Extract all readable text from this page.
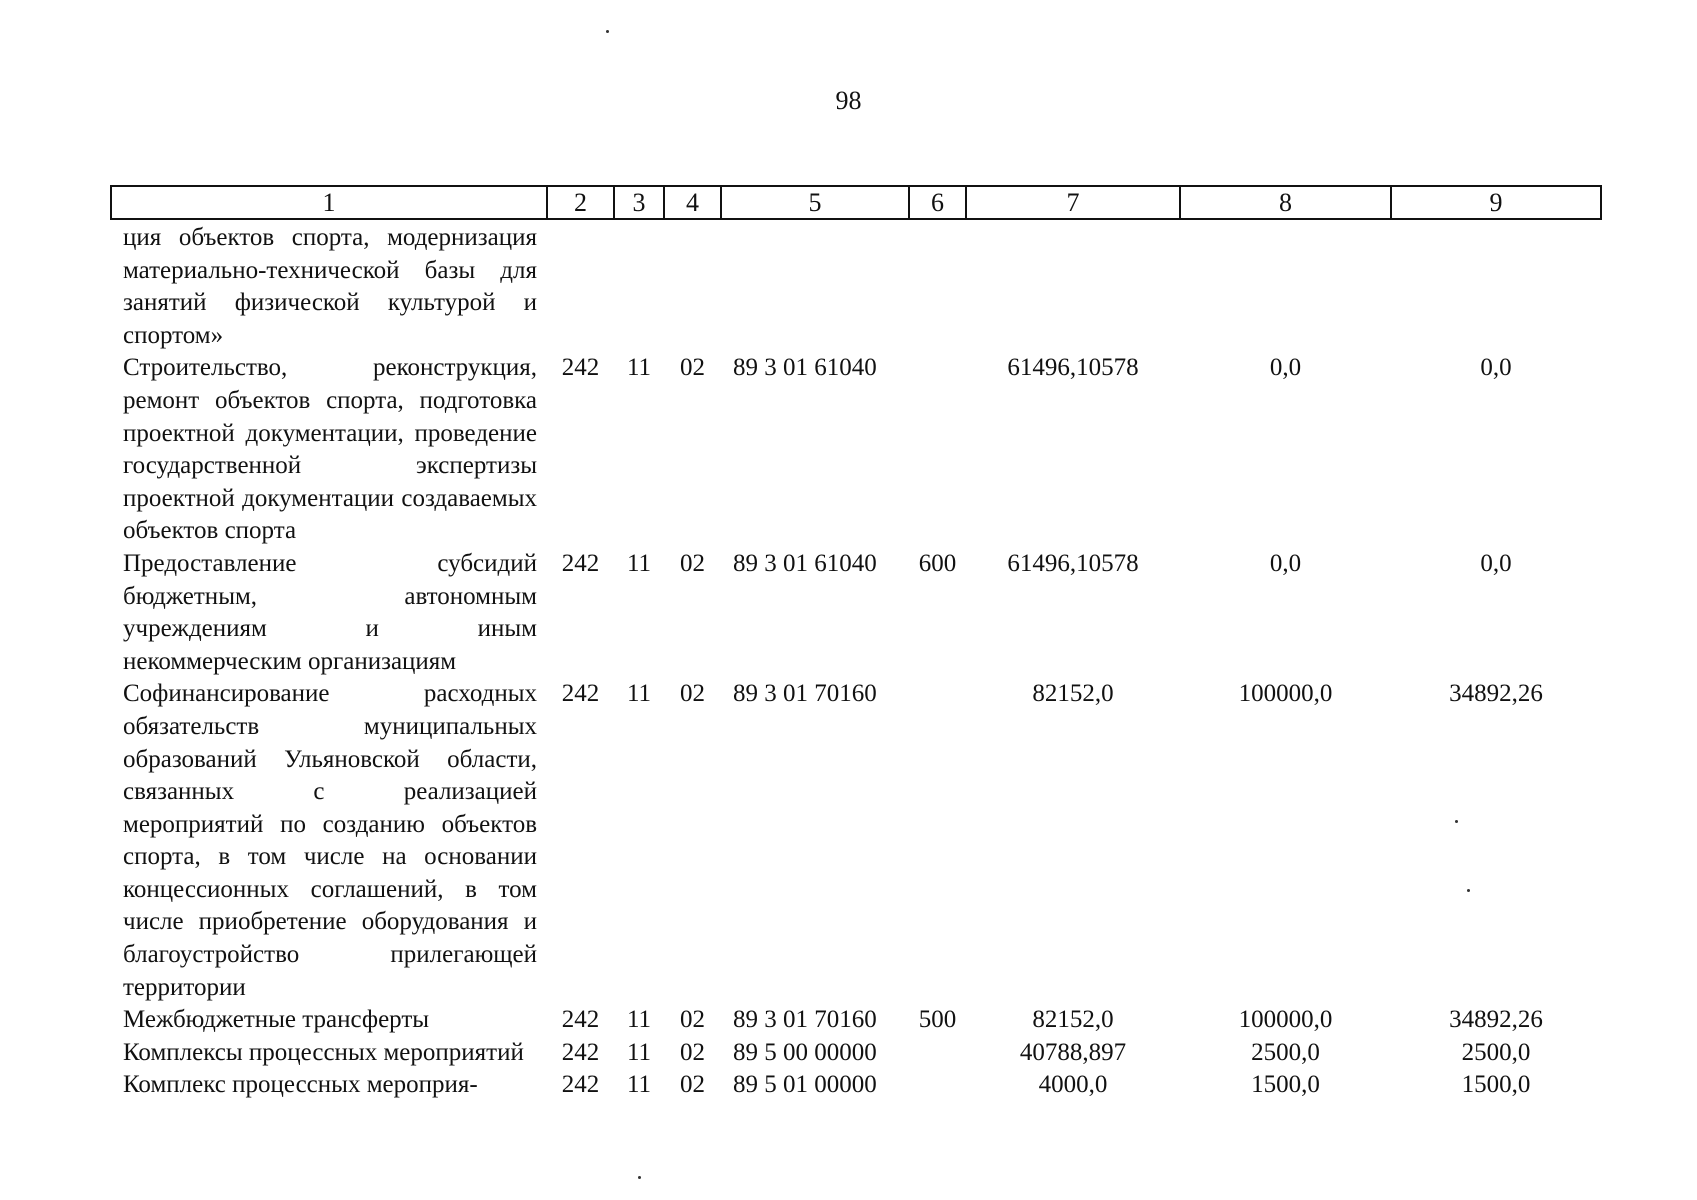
98
1	2	3	4	5	6	7	8	9

ция объектов спорта, модернизация материально-технической базы для занятий физической культурой и спортом»								

Строительство, реконструкция, ремонт объектов спорта, подготовка проектной документации, проведение государственной экспертизы проектной документации создаваемых объектов спорта	242	11	02	89 3 01 61040		61496,10578	0,0	0,0

Предоставление субсидий бюджетным, автономным учреждениям и иным некоммерческим организациям	242	11	02	89 3 01 61040	600	61496,10578	0,0	0,0

Софинансирование расходных обязательств муниципальных образований Ульяновской области, связанных с реализацией мероприятий по созданию объектов спорта, в том числе на основании концессионных соглашений, в том числе приобретение оборудования и благоустройство прилегающей территории	242	11	02	89 3 01 70160		82152,0	100000,0	34892,26

Межбюджетные трансферты	242	11	02	89 3 01 70160	500	82152,0	100000,0	34892,26

Комплексы процессных мероприятий	242	11	02	89 5 00 00000		40788,897	2500,0	2500,0

Комплекс процессных мероприя-	242	11	02	89 5 01 00000		4000,0	1500,0	1500,0
